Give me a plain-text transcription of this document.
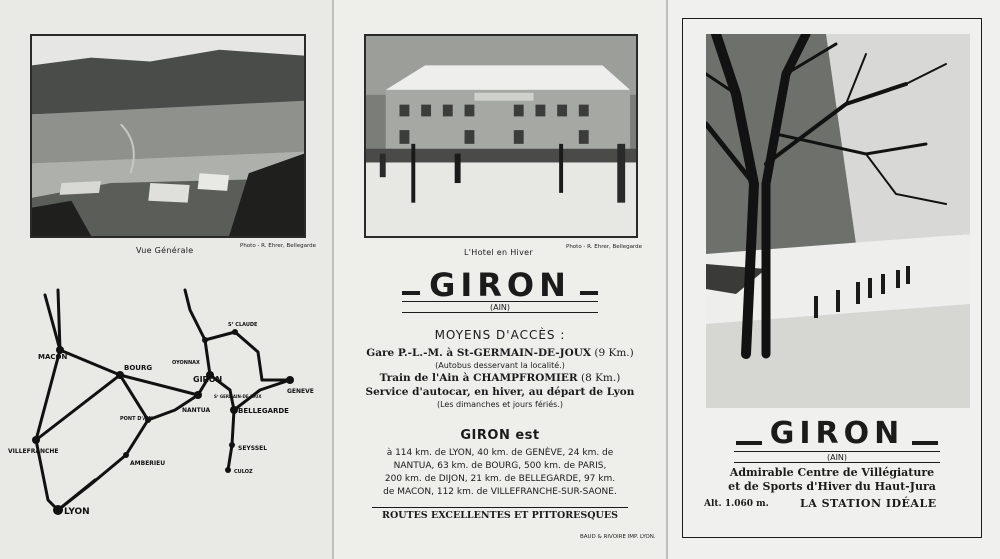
Vue Générale	Photo - R. Ehrer, Bellegarde
MACON
BOURG
VILLEFRANCHE
LYON
AMBERIEU
PONT D'AIN
NANTUA
GIRON
OYONNAX
Sᵗ CLAUDE
GENEVE
BELLEGARDE
SEYSSEL
CULOZ
Sᵗ GERMAIN-DE-JOUX
L'Hotel en Hiver
Photo - R. Ehrer, Bellegarde
GIRON
(AIN)
MOYENS D'ACCÈS :
Gare P.-L.-M. à St-GERMAIN-DE-JOUX (9 Km.)
(Autobus desservant la localité.)
Train de l'Ain à CHAMPFROMIER (8 Km.)
Service d'autocar, en hiver, au départ de Lyon
(Les dimanches et jours fériés.)
GIRON est
à 114 km. de LYON, 40 km. de GENÈVE, 24 km. de
NANTUA, 63 km. de BOURG, 500 km. de PARIS,
200 km. de DIJON, 21 km. de BELLEGARDE, 97 km.
de MACON, 112 km. de VILLEFRANCHE-SUR-SAONE.
ROUTES EXCELLENTES ET PITTORESQUES
BAUD & RIVOIRE IMP. LYON.
GIRON
(AIN)
Admirable Centre de Villégiature
et de Sports d'Hiver du Haut-Jura
Alt. 1.060 m.	LA STATION IDÉALE
